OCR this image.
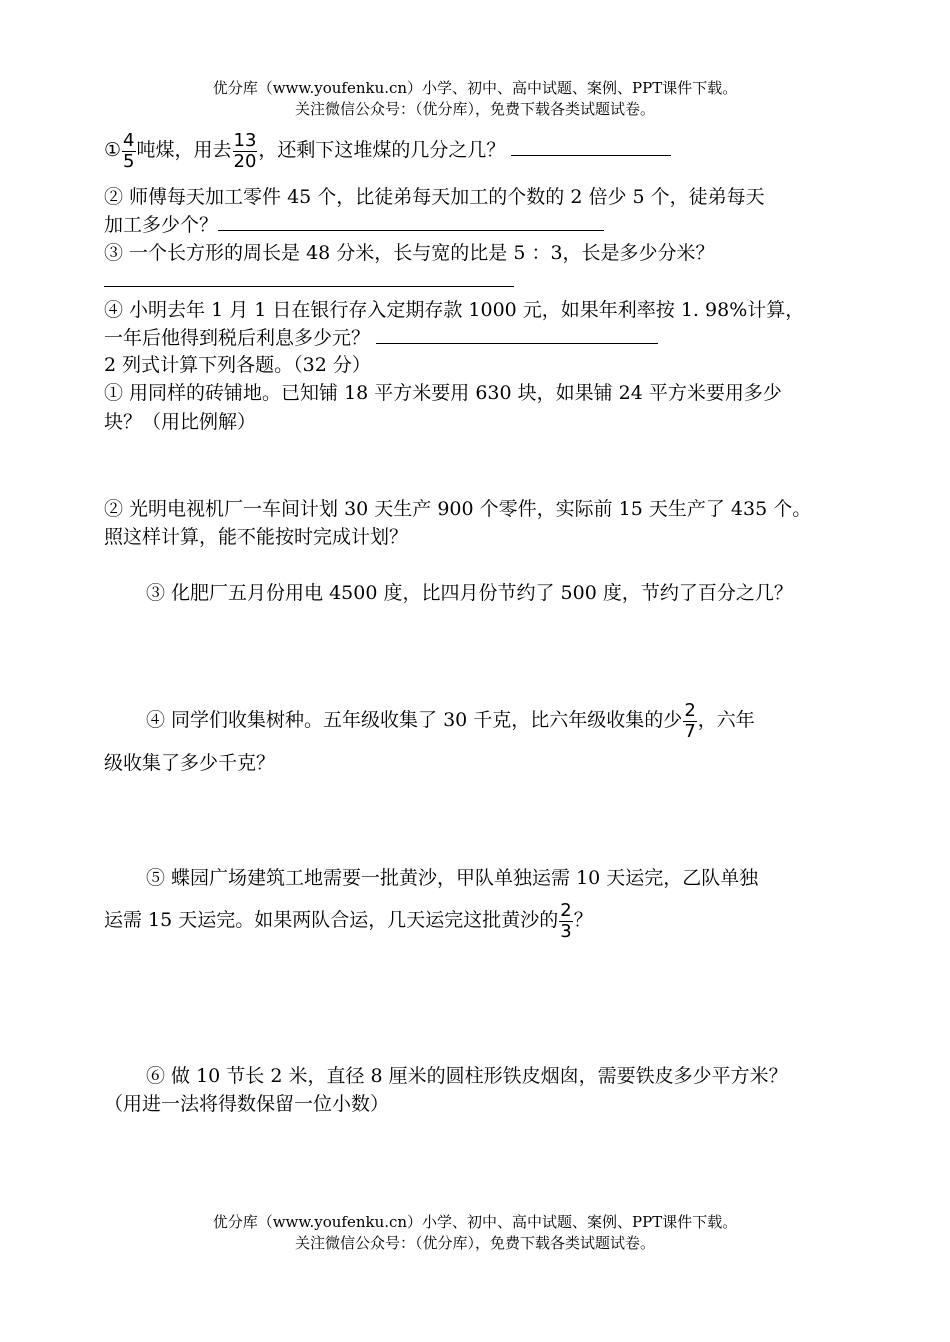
优分库（www.youfenku.cn）小学、初中、高中试题、案例、PPT课件下载。
关注微信公众号：（优分库），免费下载各类试题试卷。
① $\frac{4}{5}$ 吨煤，用去 $\frac{13}{20}$ ，还剩下这堆煤的几分之几？
② 师傅每天加工零件 45 个，比徒弟每天加工的个数的 2 倍少 5 个，徒弟每天
加工多少个？
③ 一个长方形的周长是 48 分米，长与宽的比是 5 ：3，长是多少分米？
④ 小明去年 1 月 1 日在银行存入定期存款 1000 元，如果年利率按 1. 98%计算，
一年后他得到税后利息多少元？
2 列式计算下列各题。（32 分）
① 用同样的砖铺地。已知铺 18 平方米要用 630 块，如果铺 24 平方米要用多少
块？（用比例解）
② 光明电视机厂一车间计划 30 天生产 900 个零件，实际前 15 天生产了 435 个。
照这样计算，能不能按时完成计划？
③ 化肥厂五月份用电 4500 度，比四月份节约了 500 度，节约了百分之几？
④ 同学们收集树种。五年级收集了 30 千克，比六年级收集的少 $\frac{2}{7}$ ，六年
级收集了多少千克？
⑤ 蝶园广场建筑工地需要一批黄沙，甲队单独运需 10 天运完，乙队单独
运需 15 天运完。如果两队合运，几天运完这批黄沙的 $\frac{2}{3}$ ？
⑥ 做 10 节长 2 米，直径 8 厘米的圆柱形铁皮烟囱，需要铁皮多少平方米？
（用进一法将得数保留一位小数）
优分库（www.youfenku.cn）小学、初中、高中试题、案例、PPT课件下载。
关注微信公众号：（优分库），免费下载各类试题试卷。
